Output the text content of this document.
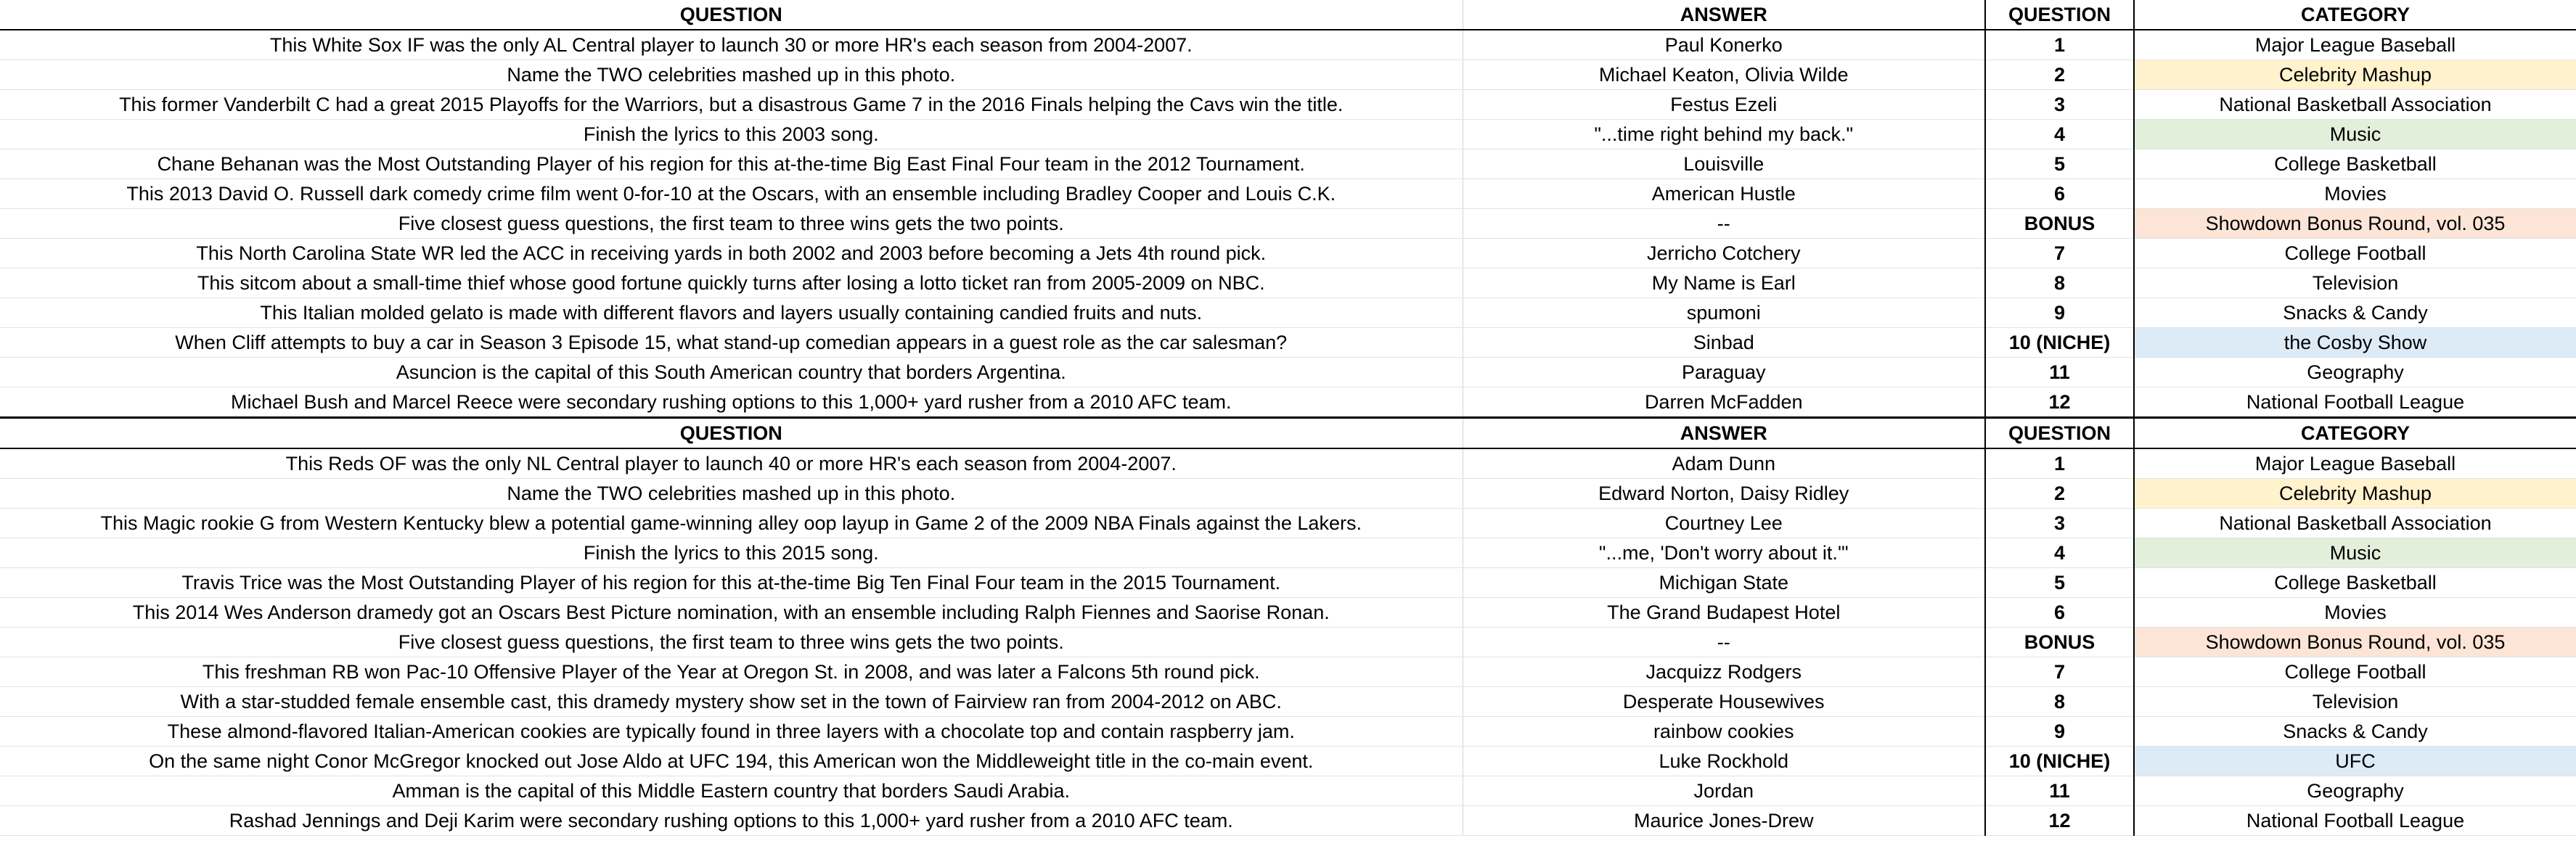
QUESTION	ANSWER	QUESTION	CATEGORY
This White Sox IF was the only AL Central player to launch 30 or more HR's each season from 2004-2007.	Paul Konerko	1	Major League Baseball
Name the TWO celebrities mashed up in this photo.	Michael Keaton, Olivia Wilde	2	Celebrity Mashup
This former Vanderbilt C had a great 2015 Playoffs for the Warriors, but a disastrous Game 7 in the 2016 Finals helping the Cavs win the title.	Festus Ezeli	3	National Basketball Association
Finish the lyrics to this 2003 song.	"...time right behind my back."	4	Music
Chane Behanan was the Most Outstanding Player of his region for this at-the-time Big East Final Four team in the 2012 Tournament.	Louisville	5	College Basketball
This 2013 David O. Russell dark comedy crime film went 0-for-10 at the Oscars, with an ensemble including Bradley Cooper and Louis C.K.	American Hustle	6	Movies
Five closest guess questions, the first team to three wins gets the two points.	--	BONUS	Showdown Bonus Round, vol. 035
This North Carolina State WR led the ACC in receiving yards in both 2002 and 2003 before becoming a Jets 4th round pick.	Jerricho Cotchery	7	College Football
This sitcom about a small-time thief whose good fortune quickly turns after losing a lotto ticket ran from 2005-2009 on NBC.	My Name is Earl	8	Television
This Italian molded gelato is made with different flavors and layers usually containing candied fruits and nuts.	spumoni	9	Snacks & Candy
When Cliff attempts to buy a car in Season 3 Episode 15, what stand-up comedian appears in a guest role as the car salesman?	Sinbad	10 (NICHE)	the Cosby Show
Asuncion is the capital of this South American country that borders Argentina.	Paraguay	11	Geography
Michael Bush and Marcel Reece were secondary rushing options to this 1,000+ yard rusher from a 2010 AFC team.	Darren McFadden	12	National Football League
QUESTION	ANSWER	QUESTION	CATEGORY
This Reds OF was the only NL Central player to launch 40 or more HR's each season from 2004-2007.	Adam Dunn	1	Major League Baseball
Name the TWO celebrities mashed up in this photo.	Edward Norton, Daisy Ridley	2	Celebrity Mashup
This Magic rookie G from Western Kentucky blew a potential game-winning alley oop layup in Game 2 of the 2009 NBA Finals against the Lakers.	Courtney Lee	3	National Basketball Association
Finish the lyrics to this 2015 song.	"...me, 'Don't worry about it.'"	4	Music
Travis Trice was the Most Outstanding Player of his region for this at-the-time Big Ten Final Four team in the 2015 Tournament.	Michigan State	5	College Basketball
This 2014 Wes Anderson dramedy got an Oscars Best Picture nomination, with an ensemble including Ralph Fiennes and Saorise Ronan.	The Grand Budapest Hotel	6	Movies
Five closest guess questions, the first team to three wins gets the two points.	--	BONUS	Showdown Bonus Round, vol. 035
This freshman RB won Pac-10 Offensive Player of the Year at Oregon St. in 2008, and was later a Falcons 5th round pick.	Jacquizz Rodgers	7	College Football
With a star-studded female ensemble cast, this dramedy mystery show set in the town of Fairview ran from 2004-2012 on ABC.	Desperate Housewives	8	Television
These almond-flavored Italian-American cookies are typically found in three layers with a chocolate top and contain raspberry jam.	rainbow cookies	9	Snacks & Candy
On the same night Conor McGregor knocked out Jose Aldo at UFC 194, this American won the Middleweight title in the co-main event.	Luke Rockhold	10 (NICHE)	UFC
Amman is the capital of this Middle Eastern country that borders Saudi Arabia.	Jordan	11	Geography
Rashad Jennings and Deji Karim were secondary rushing options to this 1,000+ yard rusher from a 2010 AFC team.	Maurice Jones-Drew	12	National Football League
